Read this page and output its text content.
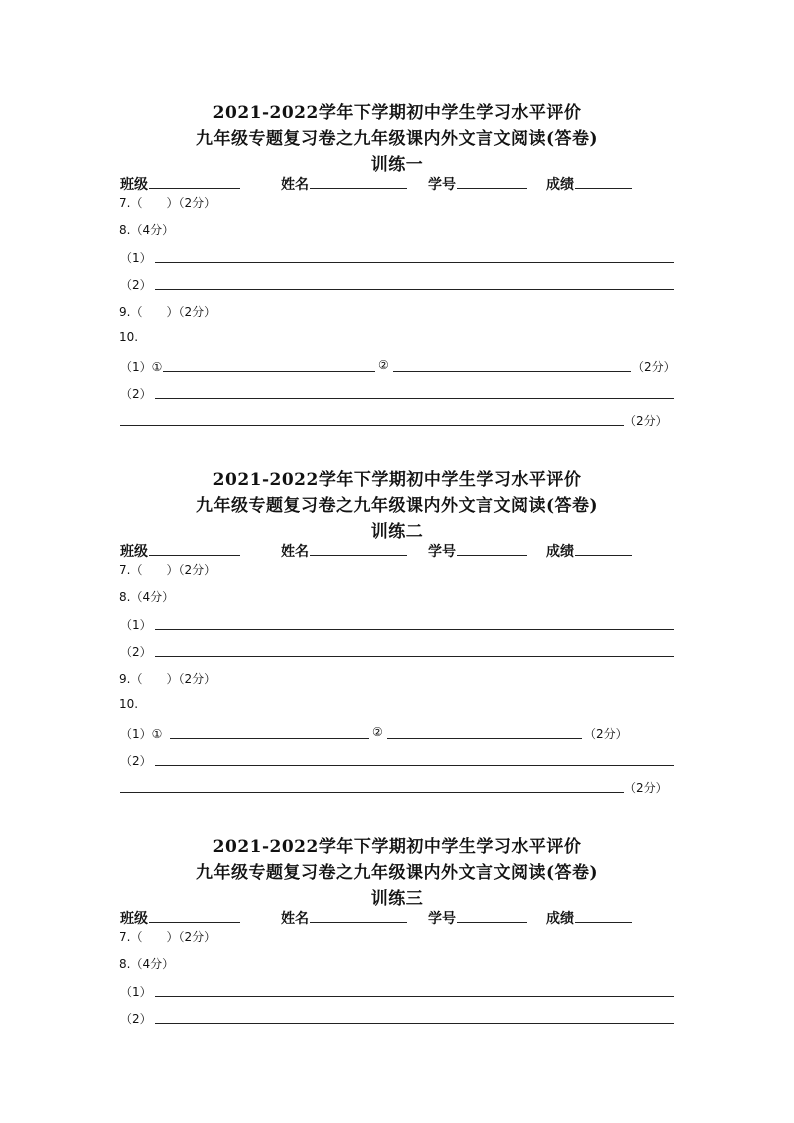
2021-2022学年下学期初中学生学习水平评价
九年级专题复习卷之九年级课内外文言文阅读(答卷)
训练一
班级	姓名	学号	成绩
7.（　　）（2分）
8.（4分）
（1）
（2）
9.（　　）（2分）
10.
（1）①	②	（2分）
（2）
（2分）
2021-2022学年下学期初中学生学习水平评价
九年级专题复习卷之九年级课内外文言文阅读(答卷)
训练二
班级	姓名	学号	成绩
7.（　　）（2分）
8.（4分）
（1）
（2）
9.（　　）（2分）
10.
（1）①	②	（2分）
（2）
（2分）
2021-2022学年下学期初中学生学习水平评价
九年级专题复习卷之九年级课内外文言文阅读(答卷)
训练三
班级	姓名	学号	成绩
7.（　　）（2分）
8.（4分）
（1）
（2）
